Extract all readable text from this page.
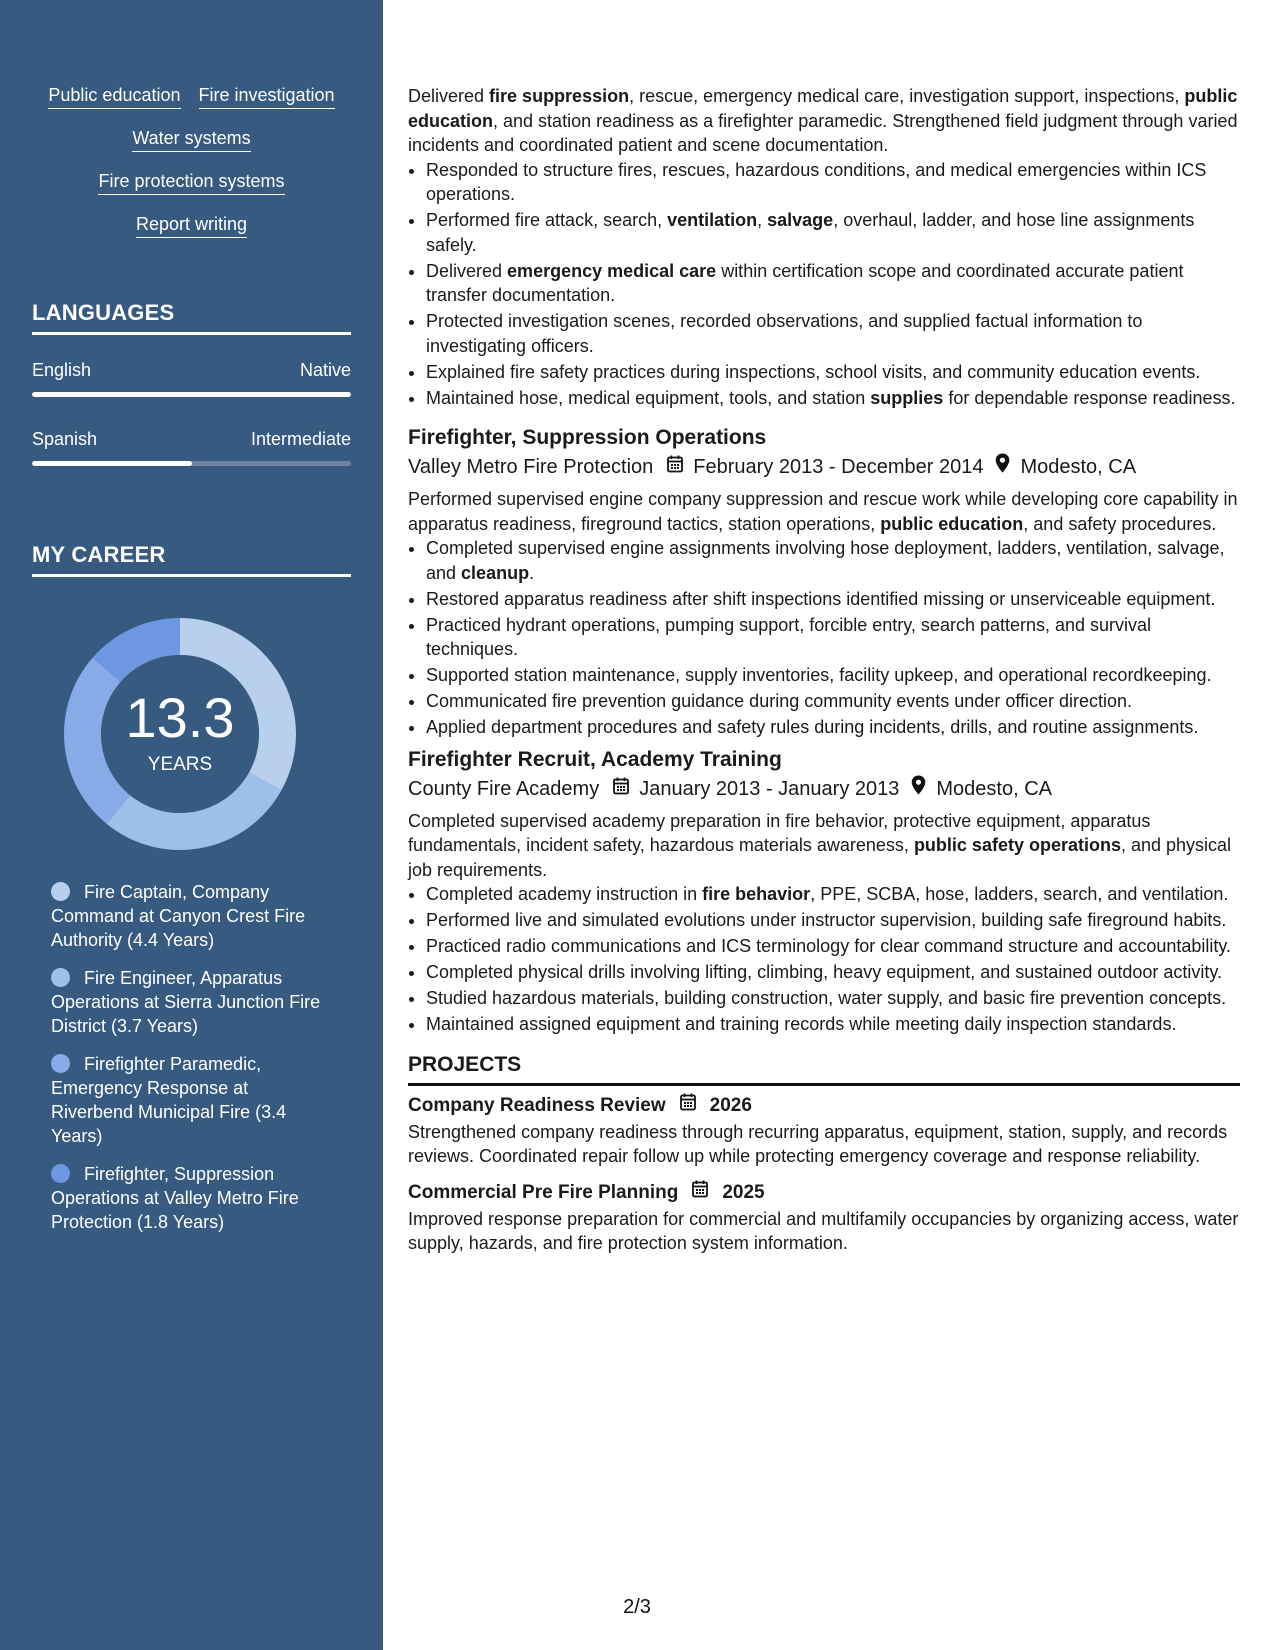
Public education Fire investigation
Water systems
Fire protection systems
Report writing
LANGUAGES
English	Native
Spanish	Intermediate
MY CAREER
13.3
YEARS
Fire Captain, Company Command at Canyon Crest Fire Authority (4.4 Years)
Fire Engineer, Apparatus Operations at Sierra Junction Fire District (3.7 Years)
Firefighter Paramedic, Emergency Response at Riverbend Municipal Fire (3.4 Years)
Firefighter, Suppression Operations at Valley Metro Fire Protection (1.8 Years)

Delivered fire suppression, rescue, emergency medical care, investigation support, inspections, public education, and station readiness as a firefighter paramedic. Strengthened field judgment through varied incidents and coordinated patient and scene documentation.

• Responded to structure fires, rescues, hazardous conditions, and medical emergencies within ICS operations.
• Performed fire attack, search, ventilation, salvage, overhaul, ladder, and hose line assignments safely.
• Delivered emergency medical care within certification scope and coordinated accurate patient transfer documentation.
• Protected investigation scenes, recorded observations, and supplied factual information to investigating officers.
• Explained fire safety practices during inspections, school visits, and community education events.
• Maintained hose, medical equipment, tools, and station supplies for dependable response readiness.
Firefighter, Suppression Operations
Valley Metro Fire Protection February 2013 - December 2014 Modesto, CA

Performed supervised engine company suppression and rescue work while developing core capability in apparatus readiness, fireground tactics, station operations, public education, and safety procedures.

• Completed supervised engine assignments involving hose deployment, ladders, ventilation, salvage, and cleanup.
• Restored apparatus readiness after shift inspections identified missing or unserviceable equipment.
• Practiced hydrant operations, pumping support, forcible entry, search patterns, and survival techniques.
• Supported station maintenance, supply inventories, facility upkeep, and operational recordkeeping.
• Communicated fire prevention guidance during community events under officer direction.
• Applied department procedures and safety rules during incidents, drills, and routine assignments.
Firefighter Recruit, Academy Training
County Fire Academy January 2013 - January 2013 Modesto, CA

Completed supervised academy preparation in fire behavior, protective equipment, apparatus fundamentals, incident safety, hazardous materials awareness, public safety operations, and physical job requirements.

• Completed academy instruction in fire behavior, PPE, SCBA, hose, ladders, search, and ventilation.
• Performed live and simulated evolutions under instructor supervision, building safe fireground habits.
• Practiced radio communications and ICS terminology for clear command structure and accountability.
• Completed physical drills involving lifting, climbing, heavy equipment, and sustained outdoor activity.
• Studied hazardous materials, building construction, water supply, and basic fire prevention concepts.
• Maintained assigned equipment and training records while meeting daily inspection standards.
PROJECTS
Company Readiness Review 2026

Strengthened company readiness through recurring apparatus, equipment, station, supply, and records reviews. Coordinated repair follow up while protecting emergency coverage and response reliability.

Commercial Pre Fire Planning 2025

Improved response preparation for commercial and multifamily occupancies by organizing access, water supply, hazards, and fire protection system information.

2/3
